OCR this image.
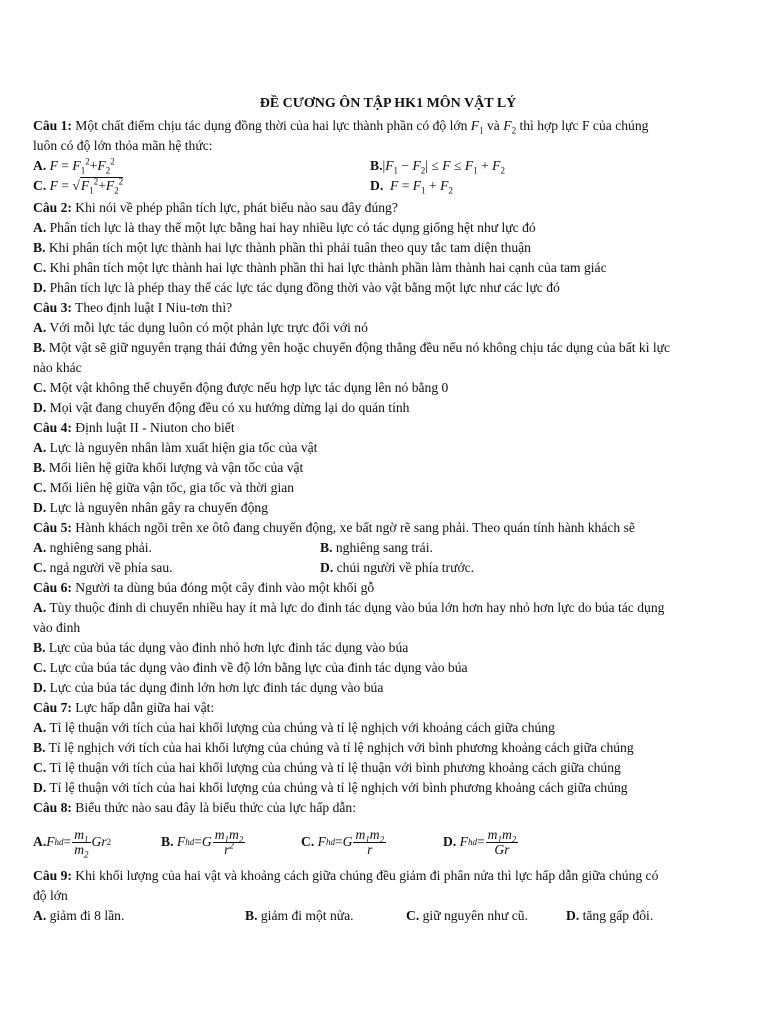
ĐỀ CƯƠNG ÔN TẬP HK1 MÔN VẬT LÝ
Câu 1: Một chất điểm chịu tác dụng đồng thời của hai lực thành phần có độ lớn $F_1$ và $F_2$ thì hợp lực F của chúng
luôn có độ lớn thỏa mãn hệ thức:
A. $F = F_1^2+F_2^2$	$B.|F_1 - F_2| \le F \le F_1 + F_2$
C. $F = √F_1^2+F_2^2$	D. $F = F_1 + F_2$
Câu 2: Khi nói về phép phân tích lực, phát biểu nào sau đây đúng?
A. Phân tích lực là thay thế một lực bằng hai hay nhiều lực có tác dụng giống hệt như lực đó
B. Khi phân tích một lực thành hai lực thành phần thì phải tuân theo quy tắc tam diện thuận
C. Khi phân tích một lực thành hai lực thành phần thì hai lực thành phần làm thành hai cạnh của tam giác
D. Phân tích lực là phép thay thế các lực tác dụng đồng thời vào vật bằng một lực như các lực đó
Câu 3: Theo định luật I Niu-tơn thì?
A. Với mỗi lực tác dụng luôn có một phản lực trực đối với nó
B. Một vật sẽ giữ nguyên trạng thái đứng yên hoặc chuyển động thẳng đều nếu nó không chịu tác dụng của bất kì lực
nào khác
C. Một vật không thể chuyển động được nếu hợp lực tác dụng lên nó bằng 0
D. Mọi vật đang chuyển động đều có xu hướng dừng lại do quán tính
Câu 4: Định luật II - Niuton cho biết
A. Lực là nguyên nhân làm xuất hiện gia tốc của vật
B. Mối liên hệ giữa khối lượng và vận tốc của vật
C. Mối liên hệ giữa vận tốc, gia tốc và thời gian
D. Lực là nguyên nhân gây ra chuyển động
Câu 5: Hành khách ngồi trên xe ôtô đang chuyển động, xe bất ngờ rẽ sang phải. Theo quán tính hành khách sẽ
A. nghiêng sang phải.	B. nghiêng sang trái.
C. ngả người về phía sau.	D. chúi người về phía trước.
Câu 6: Người ta dùng búa đóng một cây đinh vào một khối gỗ
A. Tùy thuộc đinh di chuyển nhiều hay ít mà lực do đinh tác dụng vào búa lớn hơn hay nhỏ hơn lực do búa tác dụng
vào đinh
B. Lực của búa tác dụng vào đinh nhỏ hơn lực đinh tác dụng vào búa
C. Lực của búa tác dụng vào đinh về độ lớn bằng lực của đinh tác dụng vào búa
D. Lực của búa tác dụng đinh lớn hơn lực đinh tác dụng vào búa
Câu 7: Lực hấp dẫn giữa hai vật:
A. Tỉ lệ thuận với tích của hai khối lượng của chúng và tỉ lệ nghịch với khoảng cách giữa chúng
B. Tỉ lệ nghịch với tích của hai khối lượng của chúng và tỉ lệ nghịch với bình phương khoảng cách giữa chúng
C. Tỉ lệ thuận với tích của hai khối lượng của chúng và tỉ lệ thuận với bình phương khoảng cách giữa chúng
D. Tỉ lệ thuận với tích của hai khối lượng của chúng và tỉ lệ nghịch với bình phương khoảng cách giữa chúng
Câu 8: Biểu thức nào sau đây là biểu thức của lực hấp dẫn:
A. F hd = $\frac{m_1}{m_2}$ Gr 2	B.
F hd = G $\frac{m_1m_2}{r^2}$	C.
F hd = G $\frac{m_1m_2}{r}$	D.
F hd = $\frac{m_1m_2}{Gr}$
Câu 9: Khi khối lượng của hai vật và khoảng cách giữa chúng đều giảm đi phân nửa thì lực hấp dẫn giữa chúng có
độ lớn
A. giảm đi 8 lần.	B. giảm đi một nửa.	C. giữ nguyên như cũ.	D. tăng gấp đôi.
